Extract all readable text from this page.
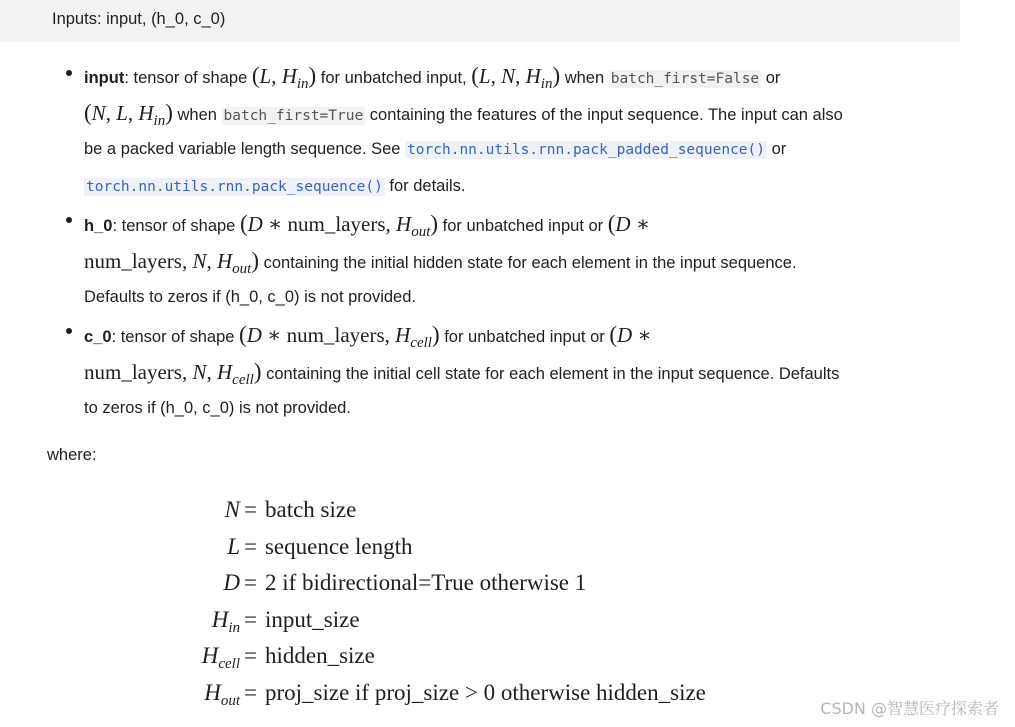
Inputs: input, (h_0, c_0)
input: tensor of shape (L, $H_{in}$) for unbatched input, (L, N, $H_{in}$) when batch_first=False or
(N, L, $H_{in}$) when batch_first=True containing the features of the input sequence. The input can also
be a packed variable length sequence. See torch.nn.utils.rnn.pack_padded_sequence() or
torch.nn.utils.rnn.pack_sequence() for details.
h_0: tensor of shape (D ∗ num_layers, $H_{out}$) for unbatched input or (D ∗
num_layers, N, $H_{out}$) containing the initial hidden state for each element in the input sequence.
Defaults to zeros if (h_0, c_0) is not provided.
c_0: tensor of shape (D ∗ num_layers, $H_{cell}$) for unbatched input or (D ∗
num_layers, N, $H_{cell}$) containing the initial cell state for each element in the input sequence. Defaults
to zeros if (h_0, c_0) is not provided.
where:
N = batch size
L = sequence length
D = 2 if bidirectional=True otherwise 1
$H_{in}$ = input_size
$H_{cell}$ = hidden_size
$H_{out}$ = proj_size if proj_size > 0 otherwise hidden_size
CSDN @智慧医疗探索者
